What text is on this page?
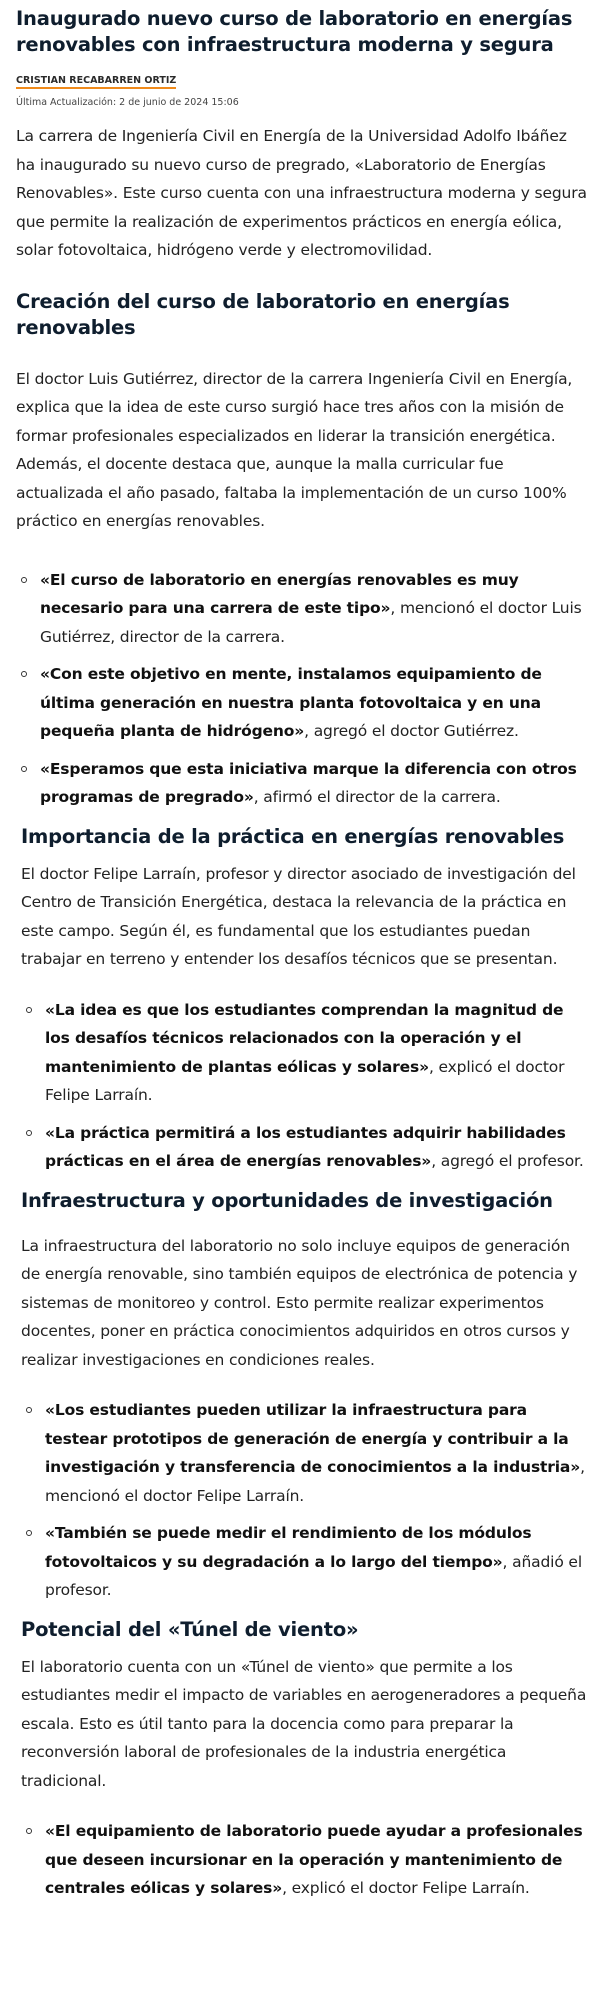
Inaugurado nuevo curso de laboratorio en energías renovables con infraestructura moderna y segura
CRISTIAN RECABARREN ORTIZ
Última Actualización: 2 de junio de 2024 15:06

La carrera de Ingeniería Civil en Energía de la Universidad Adolfo Ibáñez ha inaugurado su nuevo curso de pregrado, «Laboratorio de Energías Renovables». Este curso cuenta con una infraestructura moderna y segura que permite la realización de experimentos prácticos en energía eólica, solar fotovoltaica, hidrógeno verde y electromovilidad.

Creación del curso de laboratorio en energías renovables

El doctor Luis Gutiérrez, director de la carrera Ingeniería Civil en Energía, explica que la idea de este curso surgió hace tres años con la misión de formar profesionales especializados en liderar la transición energética. Además, el docente destaca que, aunque la malla curricular fue actualizada el año pasado, faltaba la implementación de un curso 100% práctico en energías renovables.

«El curso de laboratorio en energías renovables es muy necesario para una carrera de este tipo», mencionó el doctor Luis Gutiérrez, director de la carrera.
«Con este objetivo en mente, instalamos equipamiento de última generación en nuestra planta fotovoltaica y en una pequeña planta de hidrógeno», agregó el doctor Gutiérrez.
«Esperamos que esta iniciativa marque la diferencia con otros programas de pregrado», afirmó el director de la carrera.
Importancia de la práctica en energías renovables

El doctor Felipe Larraín, profesor y director asociado de investigación del Centro de Transición Energética, destaca la relevancia de la práctica en este campo. Según él, es fundamental que los estudiantes puedan trabajar en terreno y entender los desafíos técnicos que se presentan.

«La idea es que los estudiantes comprendan la magnitud de los desafíos técnicos relacionados con la operación y el mantenimiento de plantas eólicas y solares», explicó el doctor Felipe Larraín.
«La práctica permitirá a los estudiantes adquirir habilidades prácticas en el área de energías renovables», agregó el profesor.
Infraestructura y oportunidades de investigación

La infraestructura del laboratorio no solo incluye equipos de generación de energía renovable, sino también equipos de electrónica de potencia y sistemas de monitoreo y control. Esto permite realizar experimentos docentes, poner en práctica conocimientos adquiridos en otros cursos y realizar investigaciones en condiciones reales.

«Los estudiantes pueden utilizar la infraestructura para testear prototipos de generación de energía y contribuir a la investigación y transferencia de conocimientos a la industria», mencionó el doctor Felipe Larraín.
«También se puede medir el rendimiento de los módulos fotovoltaicos y su degradación a lo largo del tiempo», añadió el profesor.
Potencial del «Túnel de viento»

El laboratorio cuenta con un «Túnel de viento» que permite a los estudiantes medir el impacto de variables en aerogeneradores a pequeña escala. Esto es útil tanto para la docencia como para preparar la reconversión laboral de profesionales de la industria energética tradicional.

«El equipamiento de laboratorio puede ayudar a profesionales que deseen incursionar en la operación y mantenimiento de centrales eólicas y solares», explicó el doctor Felipe Larraín.
